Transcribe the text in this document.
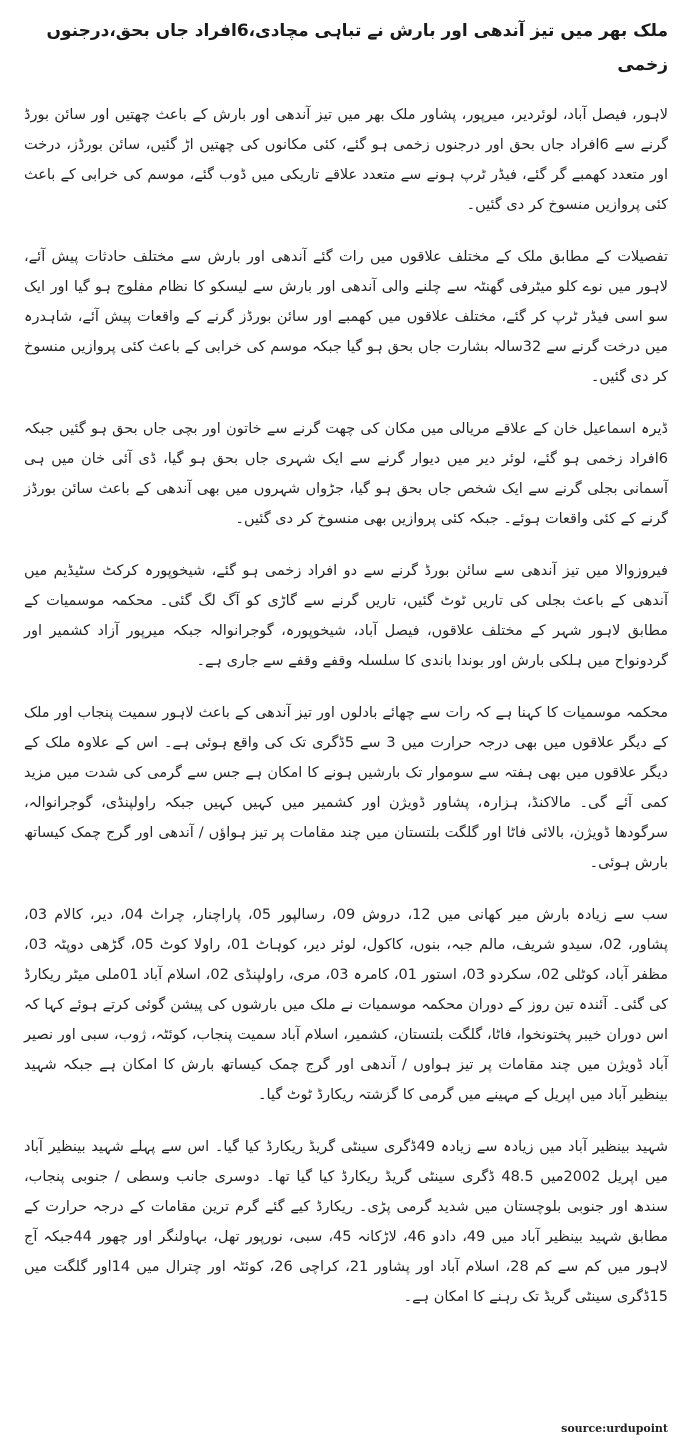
ملک بھر میں تیز آندھی اور بارش نے تباہی مچادی،6افراد جاں بحق،درجنوں زخمی

لاہور، فیصل آباد، لوئردیر، میرپور، پشاور ملک بھر میں تیز آندھی اور بارش کے باعث چھتیں اور سائن بورڈ گرنے سے 6افراد جاں بحق اور درجنوں زخمی ہو گئے، کئی مکانوں کی چھتیں اڑ گئیں، سائن بورڈز، درخت اور متعدد کھمبے گر گئے، فیڈر ٹرپ ہونے سے متعدد علاقے تاریکی میں ڈوب گئے، موسم کی خرابی کے باعث کئی پروازیں منسوخ کر دی گئیں۔

تفصیلات کے مطابق ملک کے مختلف علاقوں میں رات گئے آندھی اور بارش سے مختلف حادثات پیش آئے، لاہور میں نوے کلو میٹرفی گھنٹہ سے چلنے والی آندھی اور بارش سے لیسکو کا نظام مفلوج ہو گیا اور ایک سو اسی فیڈر ٹرپ کر گئے، مختلف علاقوں میں کھمبے اور سائن بورڈز گرنے کے واقعات پیش آئے، شاہدرہ میں درخت گرنے سے 32سالہ بشارت جاں بحق ہو گیا جبکہ موسم کی خرابی کے باعث کئی پروازیں منسوخ کر دی گئیں۔

ڈیرہ اسماعیل خان کے علاقے مریالی میں مکان کی چھت گرنے سے خاتون اور بچی جاں بحق ہو گئیں جبکہ 6افراد زخمی ہو گئے، لوئر دیر میں دیوار گرنے سے ایک شہری جاں بحق ہو گیا، ڈی آئی خان میں ہی آسمانی بجلی گرنے سے ایک شخص جاں بحق ہو گیا، جڑواں شہروں میں بھی آندھی کے باعث سائن بورڈز گرنے کے کئی واقعات ہوئے۔ جبکہ کئی پروازیں بھی منسوخ کر دی گئیں۔

فیروزوالا میں تیز آندھی سے سائن بورڈ گرنے سے دو افراد زخمی ہو گئے، شیخوپورہ کرکٹ سٹیڈیم میں آندھی کے باعث بجلی کی تاریں ٹوٹ گئیں، تاریں گرنے سے گاڑی کو آگ لگ گئی۔ محکمہ موسمیات کے مطابق لاہور شہر کے مختلف علاقوں، فیصل آباد، شیخوپورہ، گوجرانوالہ جبکہ میرپور آزاد کشمیر اور گردونواح میں ہلکی بارش اور بوندا باندی کا سلسلہ وقفے وقفے سے جاری ہے۔

محکمہ موسمیات کا کہنا ہے کہ رات سے چھائے بادلوں اور تیز آندھی کے باعث لاہور سمیت پنجاب اور ملک کے دیگر علاقوں میں بھی درجہ حرارت میں 3 سے 5ڈگری تک کی واقع ہوئی ہے۔ اس کے علاوہ ملک کے دیگر علاقوں میں بھی ہفتہ سے سوموار تک بارشیں ہونے کا امکان ہے جس سے گرمی کی شدت میں مزید کمی آئے گی۔ مالاکنڈ، ہزارہ، پشاور ڈویژن اور کشمیر میں کہیں کہیں جبکہ راولپنڈی، گوجرانوالہ، سرگودھا ڈویژن، بالائی فاٹا اور گلگت بلتستان میں چند مقامات پر تیز ہواؤں / آندھی اور گرج چمک کیساتھ بارش ہوئی۔

سب سے زیادہ بارش میر کھانی میں 12، دروش 09، رسالپور 05، پاراچنار، چراٹ 04، دیر، کالام 03، پشاور، 02، سیدو شریف، مالم جبہ، بنوں، کاکول، لوئر دیر، کوہاٹ 01، راولا کوٹ 05، گڑھی دوپٹہ 03، مظفر آباد، کوٹلی 02، سکردو 03، استور 01، کامرہ 03، مری، راولپنڈی 02، اسلام آباد 01ملی میٹر ریکارڈ کی گئی۔ آئندہ تین روز کے دوران محکمہ موسمیات نے ملک میں بارشوں کی پیشن گوئی کرتے ہوئے کہا کہ اس دوران خیبر پختونخوا، فاٹا، گلگت بلتستان، کشمیر، اسلام آباد سمیت پنجاب، کوئٹہ، ژوب، سبی اور نصیر آباد ڈویژن میں چند مقامات پر تیز ہواوں / آندھی اور گرج چمک کیساتھ بارش کا امکان ہے جبکہ شہید بینظیر آباد میں اپریل کے مہینے میں گرمی کا گزشتہ ریکارڈ ٹوٹ گیا۔

شہید بینظیر آباد میں زیادہ سے زیادہ 49ڈگری سینٹی گریڈ ریکارڈ کیا گیا۔ اس سے پہلے شہید بینظیر آباد میں اپریل 2002میں 48.5 ڈگری سینٹی گریڈ ریکارڈ کیا گیا تھا۔ دوسری جانب وسطی / جنوبی پنجاب، سندھ اور جنوبی بلوچستان میں شدید گرمی پڑی۔ ریکارڈ کیے گئے گرم ترین مقامات کے درجہ حرارت کے مطابق شہید بینظیر آباد میں 49، دادو 46، لاڑکانہ 45، سبی، نورپور تھل، بہاولنگر اور چھور 44جبکہ آج لاہور میں کم سے کم 28، اسلام آباد اور پشاور 21، کراچی 26، کوئٹہ اور چترال میں 14اور گلگت میں 15ڈگری سینٹی گریڈ تک رہنے کا امکان ہے۔

source:urdupoint
